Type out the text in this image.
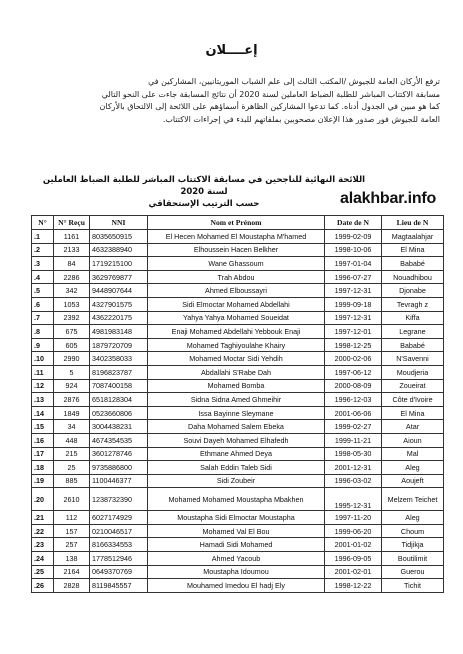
إعــــلان
ترفع الأركان العامة للجيوش /المكتب الثالث إلى علم الشباب الموريتانيين، المشاركين في
مسابقة الاكتتاب المباشر للطلبة الضباط العاملين لسنة 2020 أن نتائج المسابقة جاءت على النحو التالي
كما هو مبين في الجدول أدناه. كما تدعوا المشاركين الظاهرة أسماؤهم على اللائحة إلى الالتحاق بالأركان
العامة للجيوش فور صدور هذا الإعلان مصحوبين بملفاتهم للبدء في إجراءات الاكتتاب.
اللائحة النهائية للناجحين في مسابقة الاكتتاب المباشر للطلبة الضباط العاملين لسنة 2020
حسب الترتيب الإستحقاقي	alakhbar.info
N°	N° Reçu	NNI	Nom et Prénom	Date de N	Lieu de N
.1	1161	8035650915	El Hecen Mohamed El Moustapha M'hamed	1999-02-09	Magtaalahjar
.2	2133	4632388940	Elhoussein Hacen Belkher	1998-10-06	El Mina
.3	84	1719215100	Wane Ghassoum	1997-01-04	Bababé
.4	2286	3629769877	Trah Abdou	1996-07-27	Nouadhibou
.5	342	9448907644	Ahmed Elboussayri	1997-12-31	Djonabe
.6	1053	4327901575	Sidi Elmoctar Mohamed Abdellahi	1999-09-18	Tevragh z
.7	2392	4362220175	Yahya Yahya Mohamed Soueidat	1997-12-31	Kiffa
.8	675	4981983148	Enaji Mohamed Abdellahi Yebbouk Enaji	1997-12-01	Legrane
.9	605	1879720709	Mohamed Taghiyoulahe Khairy	1998-12-25	Bababé
.10	2990	3402358033	Mohamed Moctar Sidi Yehdih	2000-02-06	N'Savenni
.11	5	8196823787	Abdallahi S'Rabe Dah	1997-06-12	Moudjeria
.12	924	7087400158	Mohamed Bomba	2000-08-09	Zoueirat
.13	2876	6518128304	Sidna Sidna Amed Ghmeihir	1996-12-03	Côte d'Ivoire
.14	1849	0523660806	Issa Bayinne Sleymane	2001-06-06	El Mina
.15	34	3004438231	Daha Mohamed Salem Ebeka	1999-02-27	Atar
.16	448	4674354535	Souvi Dayeh Mohamed Elhafedh	1999-11-21	Aioun
.17	215	3601278746	Ethmane Ahmed Deya	1998-05-30	Mal
.18	25	9735886800	Salah Eddin Taleb Sidi	2001-12-31	Aleg
.19	885	1100446377	Sidi Zoubeir	1996-03-02	Aoujeft
.20	2610	1238732390	Mohamed Mohamed Moustapha Mbakhen	1995-12-31	Melzem Teichet
.21	112	6027174929	Moustapha Sidi Elmoctar Moustapha	1997-11-20	Aleg
.22	157	0210046517	Mohamed Val El Bou	1999-06-20	Choum
.23	257	8166334553	Hamadi Sidi Mohamed	2001-01-02	Tidjikja
.24	138	1778512946	Ahmed Yacoub	1996-09-05	Boutilimit
.25	2164	0649370769	Moustapha Idoumou	2001-02-01	Guerou
.26	2828	8119845557	Mouhamed Imedou El hadj Ely	1998-12-22	Tichit
